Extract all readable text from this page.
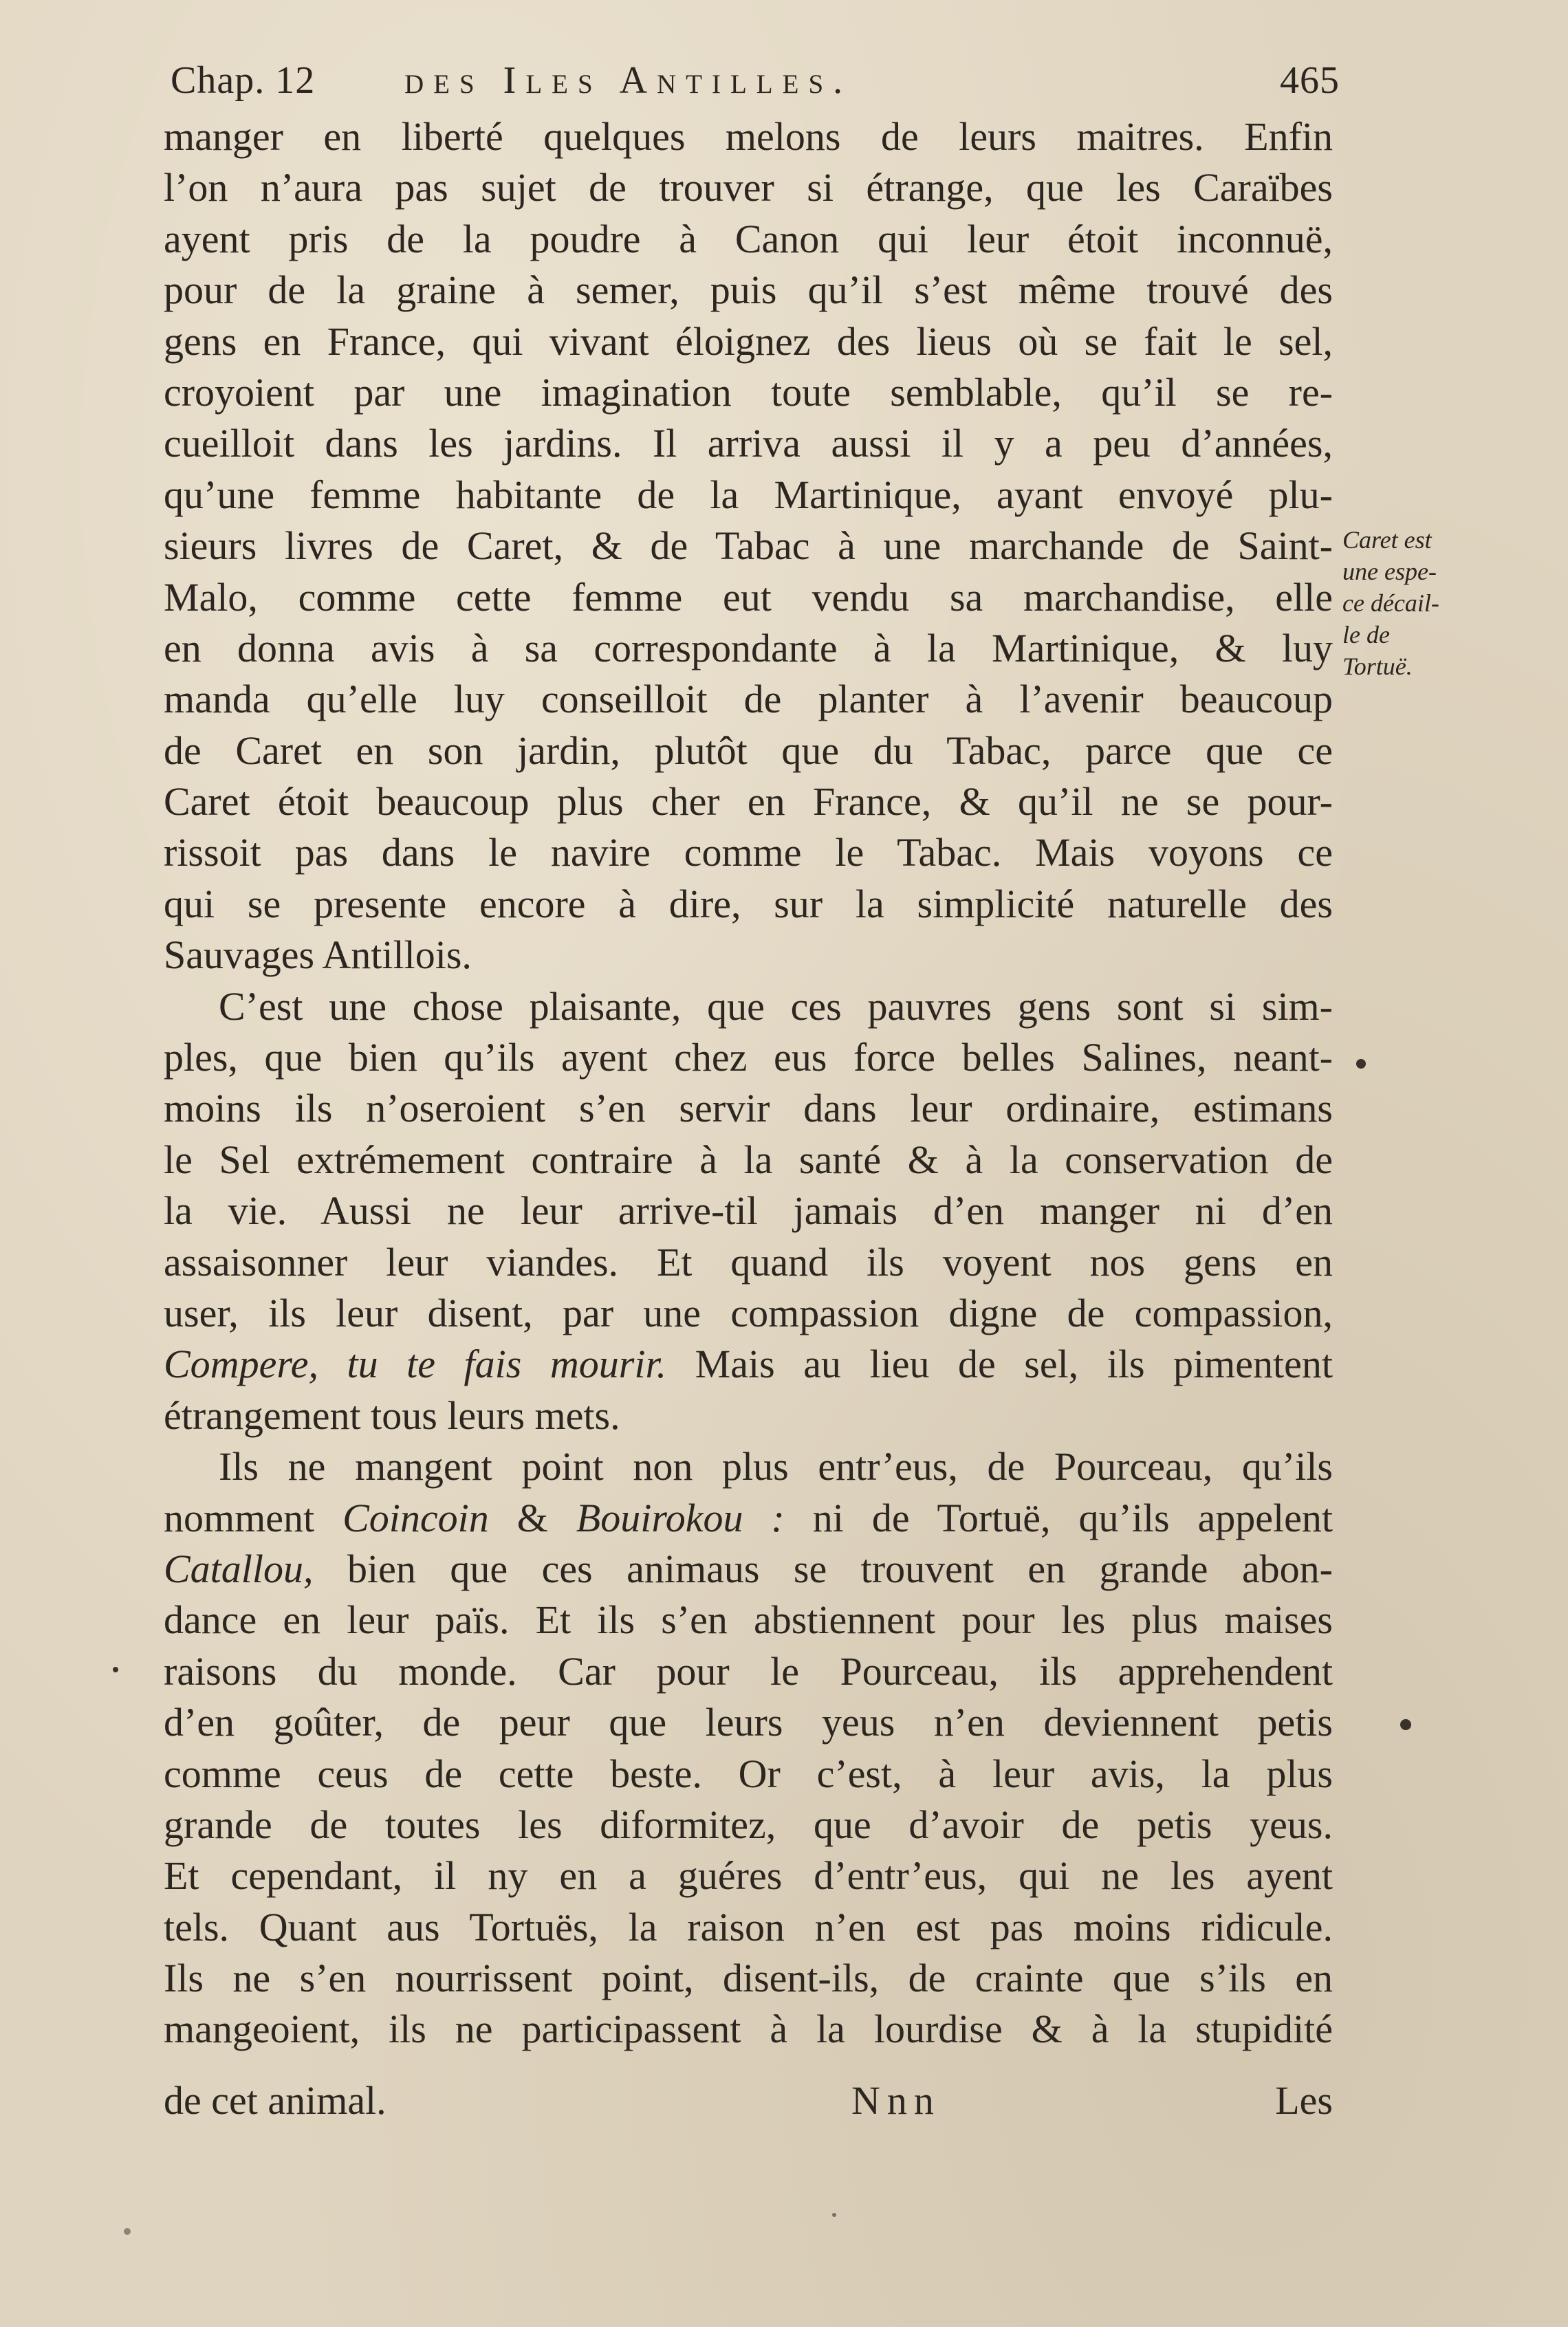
Chap. 12 des Iles Antilles.	465
manger en liberté quelques melons de leurs maitres. Enfin
l’on n’aura pas sujet de trouver si étrange, que les Caraïbes
ayent pris de la poudre à Canon qui leur étoit inconnuë,
pour de la graine à semer, puis qu’il s’est même trouvé des
gens en France, qui vivant éloignez des lieus où se fait le sel,
croyoient par une imagination toute semblable, qu’il se re-
cueilloit dans les jardins. Il arriva aussi il y a peu d’années,
qu’une femme habitante de la Martinique, ayant envoyé plu-
sieurs livres de Caret, & de Tabac à une marchande de Saint-
Malo, comme cette femme eut vendu sa marchandise, elle
en donna avis à sa correspondante à la Martinique, & luy
manda qu’elle luy conseilloit de planter à l’avenir beaucoup
de Caret en son jardin, plutôt que du Tabac, parce que ce
Caret étoit beaucoup plus cher en France, & qu’il ne se pour-
rissoit pas dans le navire comme le Tabac. Mais voyons ce
qui se presente encore à dire, sur la simplicité naturelle des
Sauvages Antillois.
C’est une chose plaisante, que ces pauvres gens sont si sim-
ples, que bien qu’ils ayent chez eus force belles Salines, neant-
moins ils n’oseroient s’en servir dans leur ordinaire, estimans
le Sel extrémement contraire à la santé & à la conservation de
la vie. Aussi ne leur arrive-til jamais d’en manger ni d’en
assaisonner leur viandes. Et quand ils voyent nos gens en
user, ils leur disent, par une compassion digne de compassion,
Compere, tu te fais mourir. Mais au lieu de sel, ils pimentent
étrangement tous leurs mets.
Ils ne mangent point non plus entr’eus, de Pourceau, qu’ils
nomment Coincoin & Bouirokou : ni de Tortuë, qu’ils appelent
Catallou, bien que ces animaus se trouvent en grande abon-
dance en leur païs. Et ils s’en abstiennent pour les plus maises
raisons du monde. Car pour le Pourceau, ils apprehendent
d’en goûter, de peur que leurs yeus n’en deviennent petis
comme ceus de cette beste. Or c’est, à leur avis, la plus
grande de toutes les diformitez, que d’avoir de petis yeus.
Et cependant, il ny en a guéres d’entr’eus, qui ne les ayent
tels. Quant aus Tortuës, la raison n’en est pas moins ridicule.
Ils ne s’en nourrissent point, disent-ils, de crainte que s’ils en
mangeoient, ils ne participassent à la lourdise & à la stupidité
de cet animal.	Nnn	Les
Caret est
une espe-
ce décail-
le de
Tortuë.
